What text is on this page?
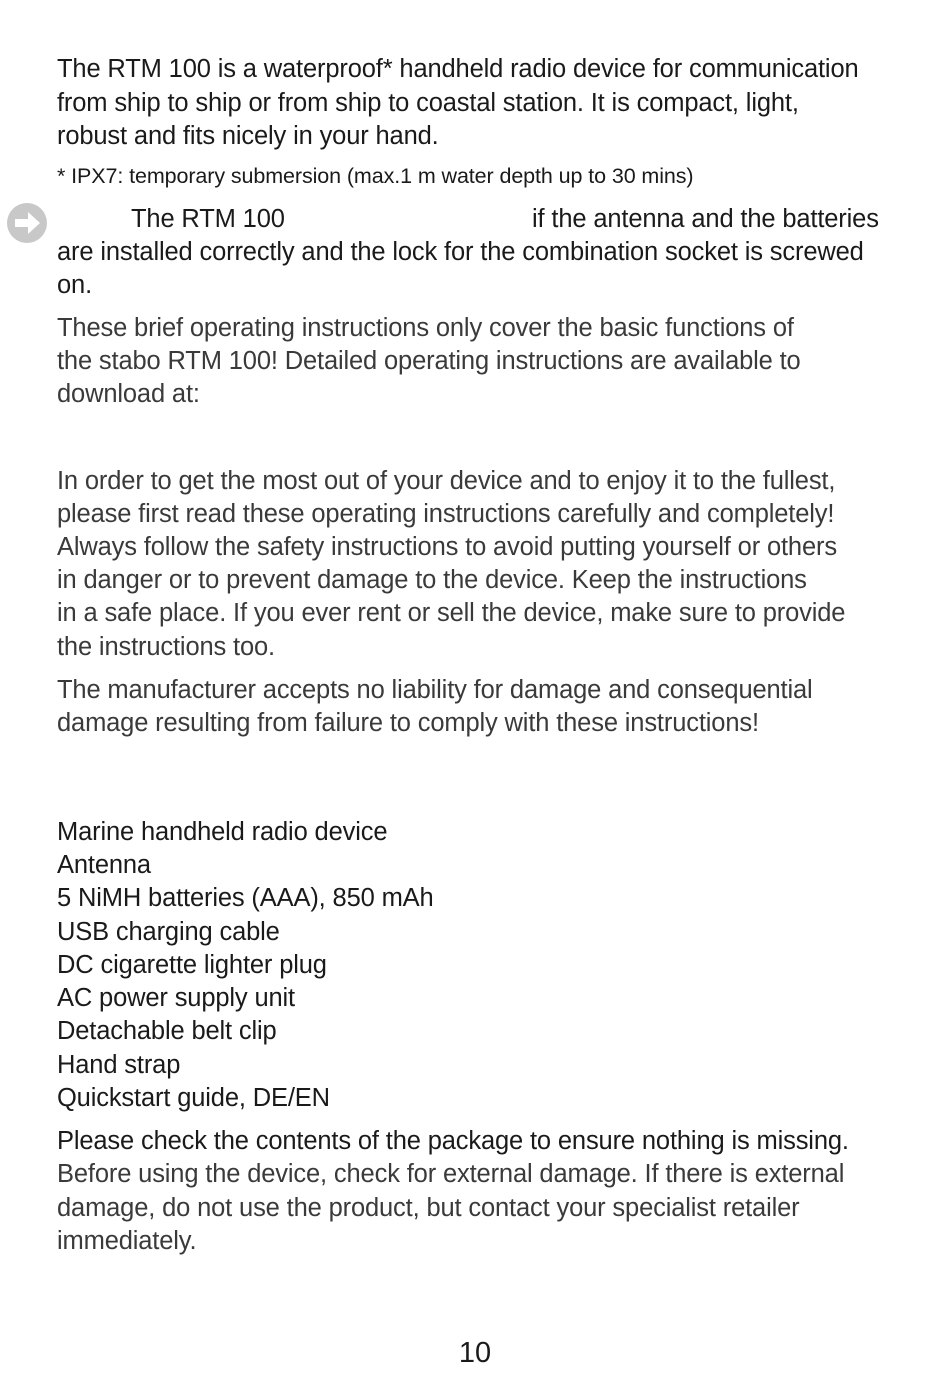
The RTM 100 is a waterproof* handheld radio device for communication
from ship to ship or from ship to coastal station. It is compact, light,
robust and fits nicely in your hand.
* IPX7: temporary submersion (max.1 m water depth up to 30 mins)
The RTM 100	if the antenna and the batteries
are installed correctly and the lock for the combination socket is screwed
on.
These brief operating instructions only cover the basic functions of
the stabo RTM 100! Detailed operating instructions are available to
download at:
In order to get the most out of your device and to enjoy it to the fullest,
please first read these operating instructions carefully and completely!
Always follow the safety instructions to avoid putting yourself or others
in danger or to prevent damage to the device. Keep the instructions
in a safe place. If you ever rent or sell the device, make sure to provide
the instructions too.
The manufacturer accepts no liability for damage and consequential
damage resulting from failure to comply with these instructions!
Marine handheld radio device
Antenna
5 NiMH batteries (AAA), 850 mAh
USB charging cable
DC cigarette lighter plug
AC power supply unit
Detachable belt clip
Hand strap
Quickstart guide, DE/EN
Please check the contents of the package to ensure nothing is missing.
Before using the device, check for external damage. If there is external
damage, do not use the product, but contact your specialist retailer
immediately.
10
